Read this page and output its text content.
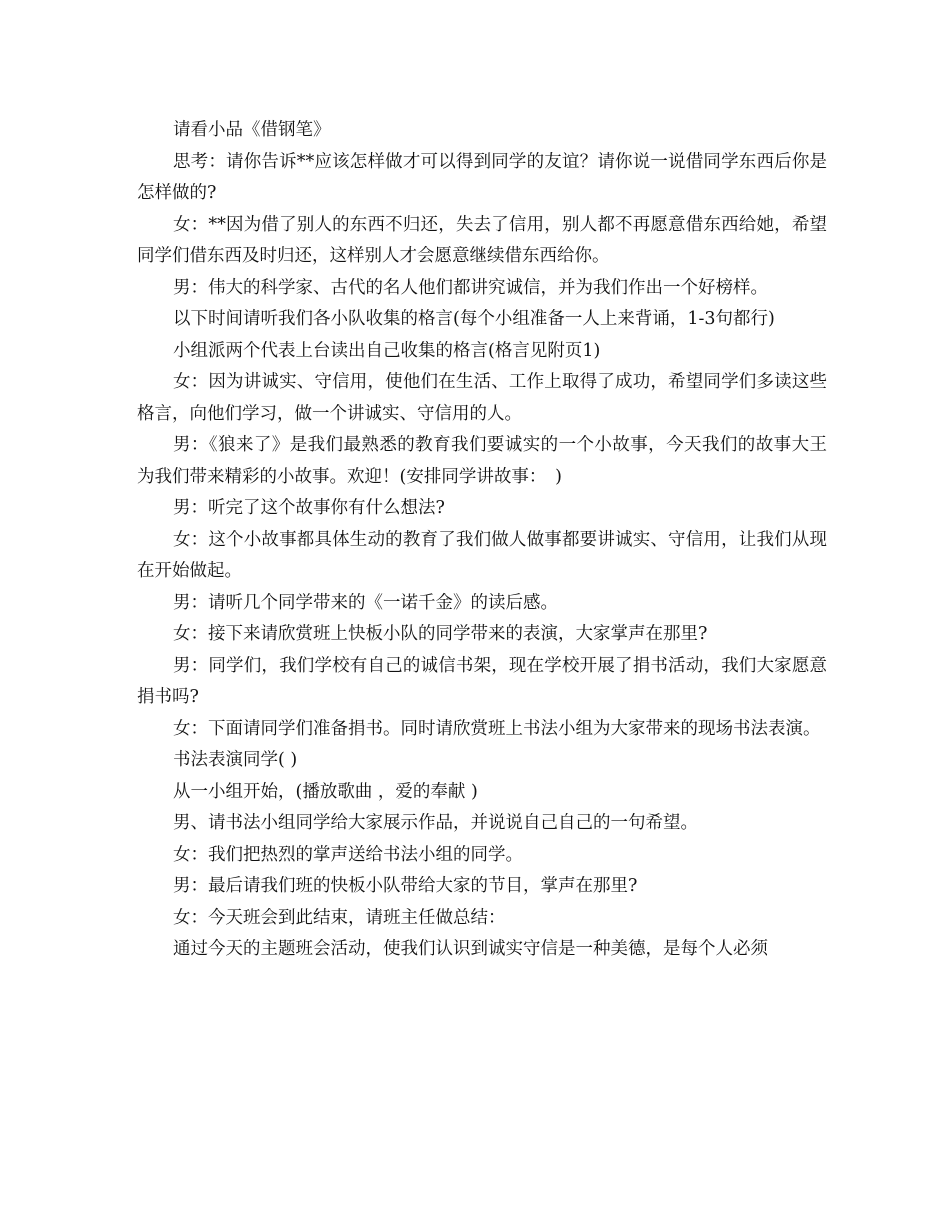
请看小品《借钢笔》

思考：请你告诉**应该怎样做才可以得到同学的友谊？请你说一说借同学东西后你是怎样做的?

女：**因为借了别人的东西不归还，失去了信用，别人都不再愿意借东西给她，希望同学们借东西及时归还，这样别人才会愿意继续借东西给你。

男：伟大的科学家、古代的名人他们都讲究诚信，并为我们作出一个好榜样。

以下时间请听我们各小队收集的格言(每个小组准备一人上来背诵，1-3句都行)

小组派两个代表上台读出自己收集的格言(格言见附页1)

女：因为讲诚实、守信用，使他们在生活、工作上取得了成功，希望同学们多读这些格言，向他们学习，做一个讲诚实、守信用的人。

男：《狼来了》是我们最熟悉的教育我们要诚实的一个小故事，今天我们的故事大王为我们带来精彩的小故事。欢迎！(安排同学讲故事：　)

男：听完了这个故事你有什么想法?

女：这个小故事都具体生动的教育了我们做人做事都要讲诚实、守信用，让我们从现在开始做起。

男：请听几个同学带来的《一诺千金》的读后感。

女：接下来请欣赏班上快板小队的同学带来的表演，大家掌声在那里?

男：同学们，我们学校有自己的诚信书架，现在学校开展了捐书活动，我们大家愿意捐书吗?

女：下面请同学们准备捐书。同时请欣赏班上书法小组为大家带来的现场书法表演。

书法表演同学( )

从一小组开始，(播放歌曲 ，爱的奉献 )

男、请书法小组同学给大家展示作品，并说说自己自己的一句希望。

女：我们把热烈的掌声送给书法小组的同学。

男：最后请我们班的快板小队带给大家的节目，掌声在那里?

女：今天班会到此结束，请班主任做总结：

通过今天的主题班会活动，使我们认识到诚实守信是一种美德，是每个人必须
